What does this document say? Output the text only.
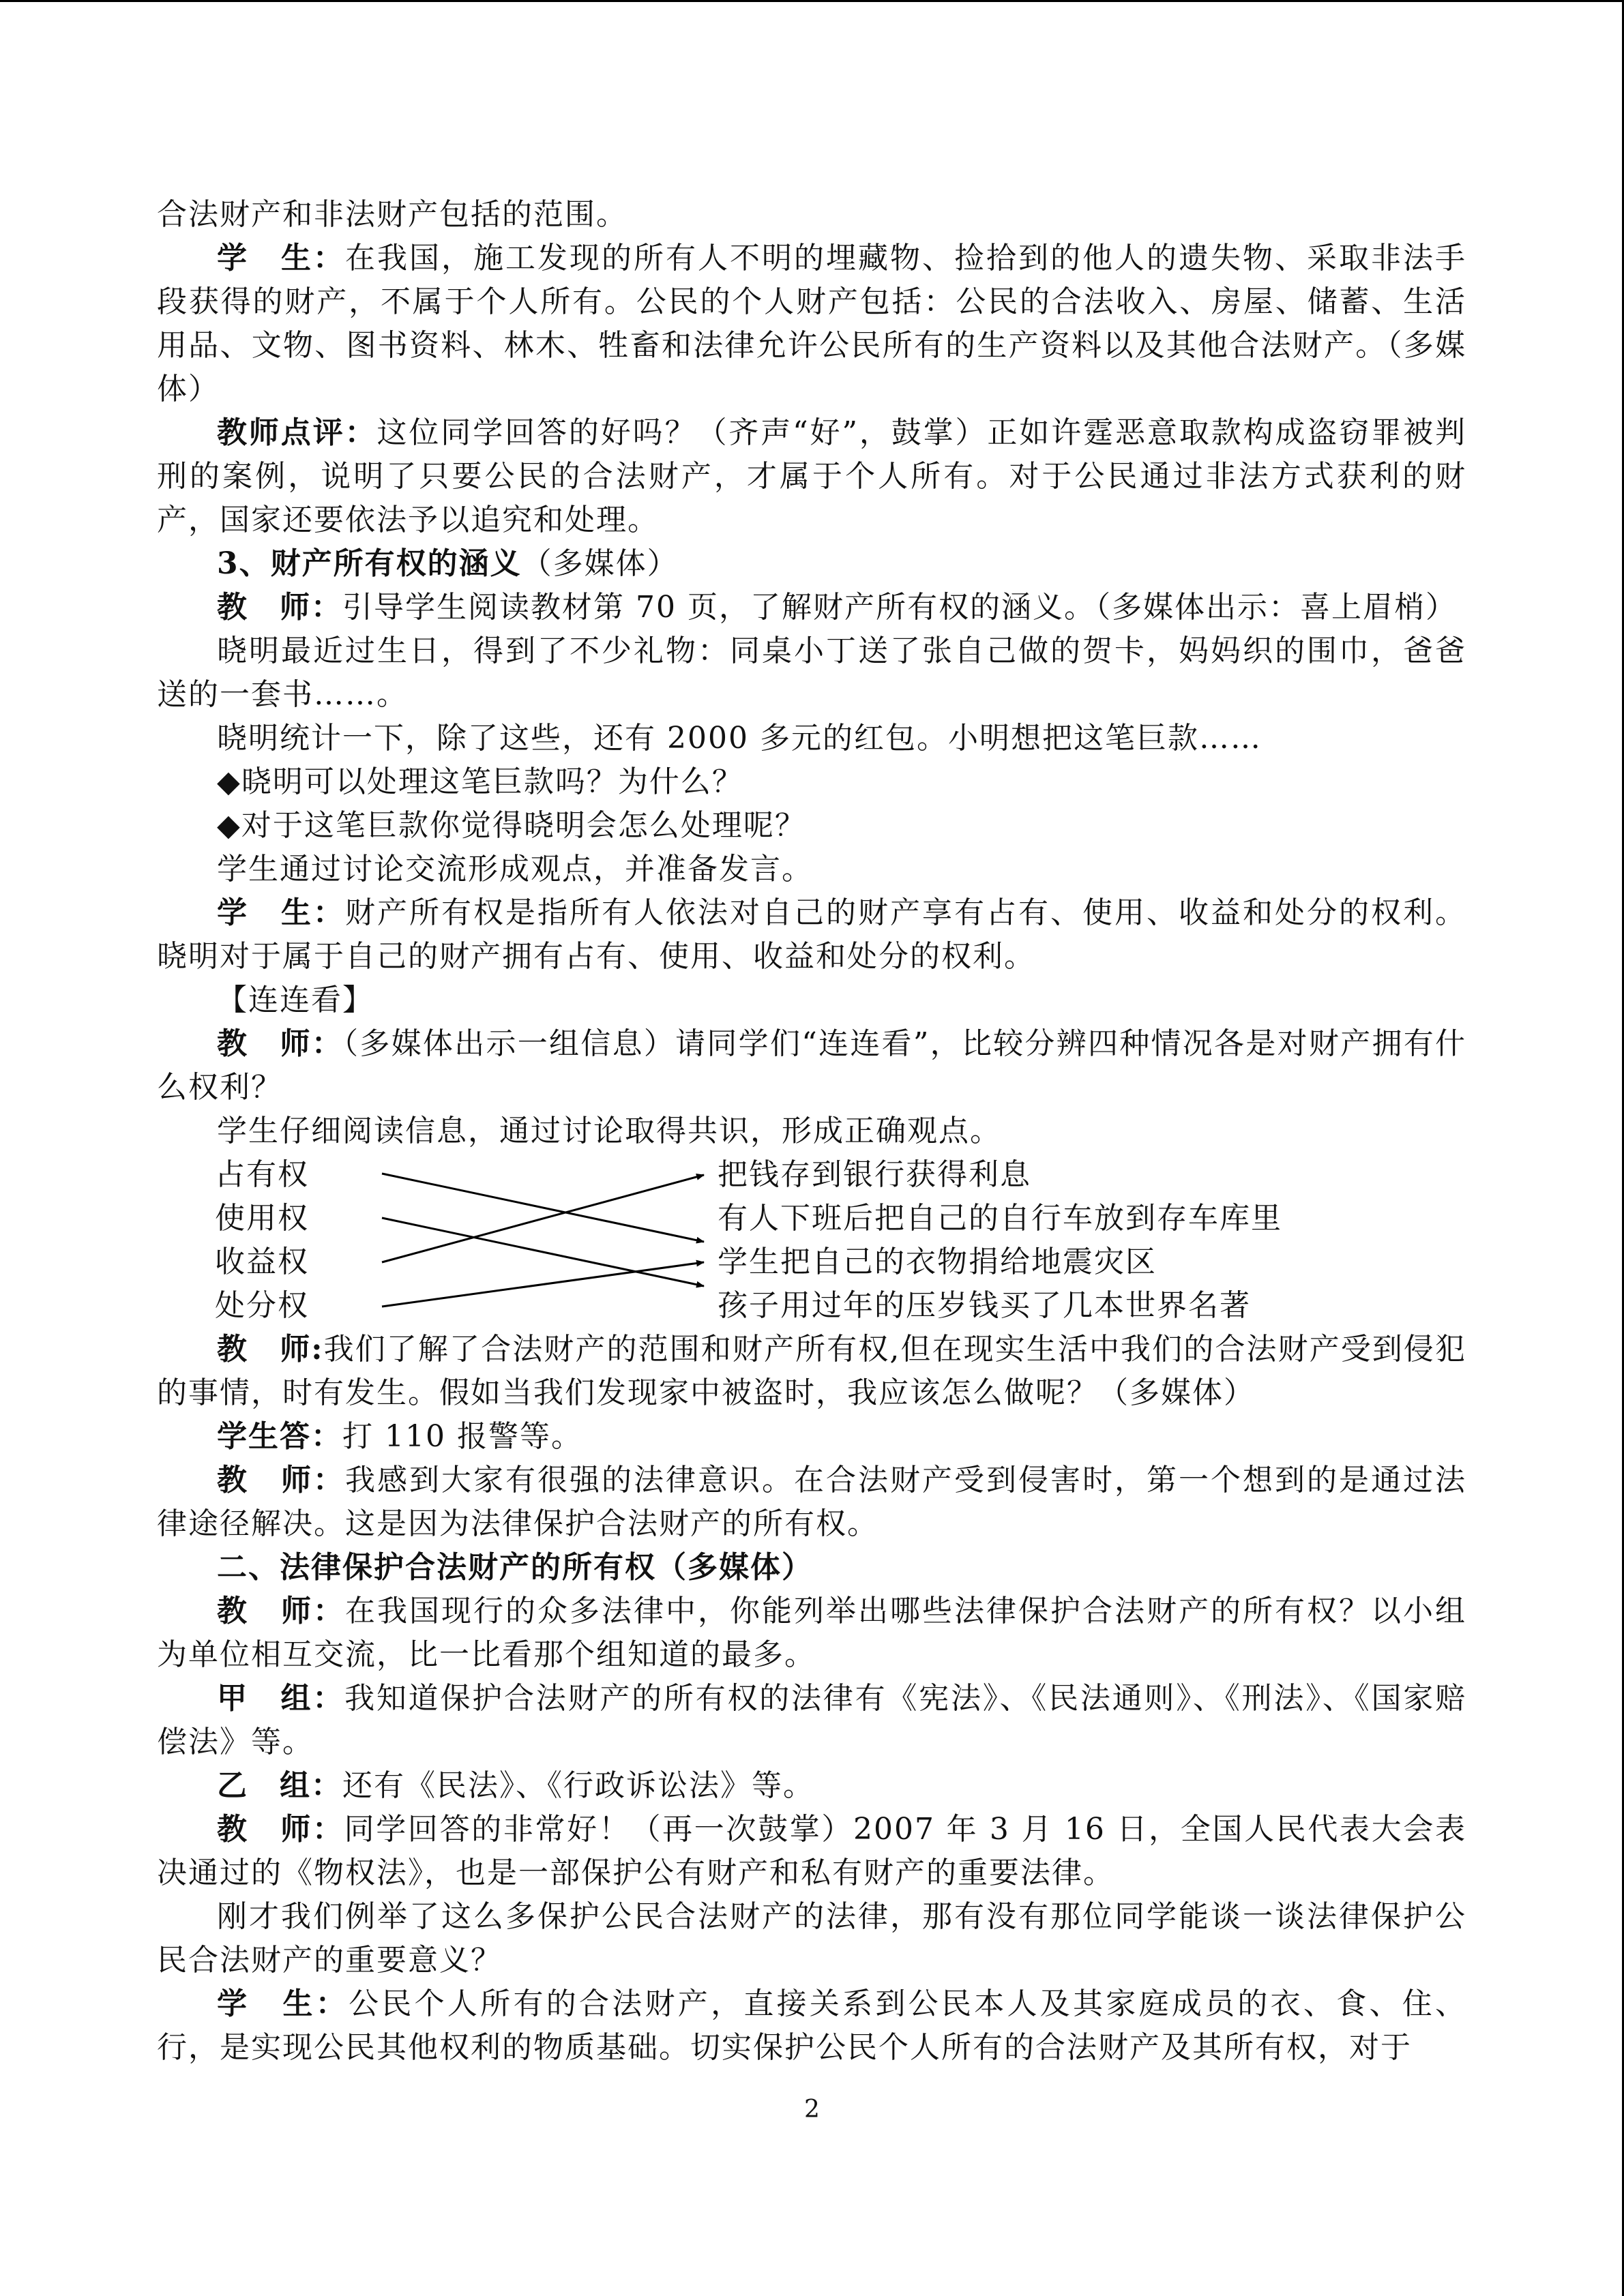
合法财产和非法财产包括的范围。

学　生：在我国，施工发现的所有人不明的埋藏物、捡拾到的他人的遗失物、采取非法手段获得的财产，不属于个人所有。公民的个人财产包括：公民的合法收入、房屋、储蓄、生活用品、文物、图书资料、林木、牲畜和法律允许公民所有的生产资料以及其他合法财产。（多媒体）

教师点评：这位同学回答的好吗？（齐声“好”，鼓掌）正如许霆恶意取款构成盗窃罪被判刑的案例，说明了只要公民的合法财产，才属于个人所有。对于公民通过非法方式获利的财产，国家还要依法予以追究和处理。

3、财产所有权的涵义（多媒体）

教　师：引导学生阅读教材第 70 页，了解财产所有权的涵义。（多媒体出示：喜上眉梢）

晓明最近过生日，得到了不少礼物：同桌小丁送了张自己做的贺卡，妈妈织的围巾，爸爸送的一套书……。

晓明统计一下，除了这些，还有 2000 多元的红包。小明想把这笔巨款……

◆晓明可以处理这笔巨款吗？为什么？

◆对于这笔巨款你觉得晓明会怎么处理呢？

学生通过讨论交流形成观点，并准备发言。

学　生：财产所有权是指所有人依法对自己的财产享有占有、使用、收益和处分的权利。晓明对于属于自己的财产拥有占有、使用、收益和处分的权利。

【连连看】

教　师：（多媒体出示一组信息）请同学们“连连看”，比较分辨四种情况各是对财产拥有什么权利？

学生仔细阅读信息，通过讨论取得共识，形成正确观点。

占有权
使用权
收益权
处分权
把钱存到银行获得利息
有人下班后把自己的自行车放到存车库里
学生把自己的衣物捐给地震灾区
孩子用过年的压岁钱买了几本世界名著

教　师:我们了解了合法财产的范围和财产所有权,但在现实生活中我们的合法财产受到侵犯的事情，时有发生。假如当我们发现家中被盗时，我应该怎么做呢？（多媒体）

学生答：打 110 报警等。

教　师：我感到大家有很强的法律意识。在合法财产受到侵害时，第一个想到的是通过法律途径解决。这是因为法律保护合法财产的所有权。

二、法律保护合法财产的所有权（多媒体）

教　师：在我国现行的众多法律中，你能列举出哪些法律保护合法财产的所有权？以小组为单位相互交流，比一比看那个组知道的最多。

甲　组：我知道保护合法财产的所有权的法律有《宪法》、《民法通则》、《刑法》、《国家赔偿法》等。

乙　组：还有《民法》、《行政诉讼法》等。

教　师：同学回答的非常好！（再一次鼓掌）2007 年 3 月 16 日，全国人民代表大会表决通过的《物权法》，也是一部保护公有财产和私有财产的重要法律。

刚才我们例举了这么多保护公民合法财产的法律，那有没有那位同学能谈一谈法律保护公民合法财产的重要意义？

学　生：公民个人所有的合法财产，直接关系到公民本人及其家庭成员的衣、食、住、行，是实现公民其他权利的物质基础。切实保护公民个人所有的合法财产及其所有权，对于

2
